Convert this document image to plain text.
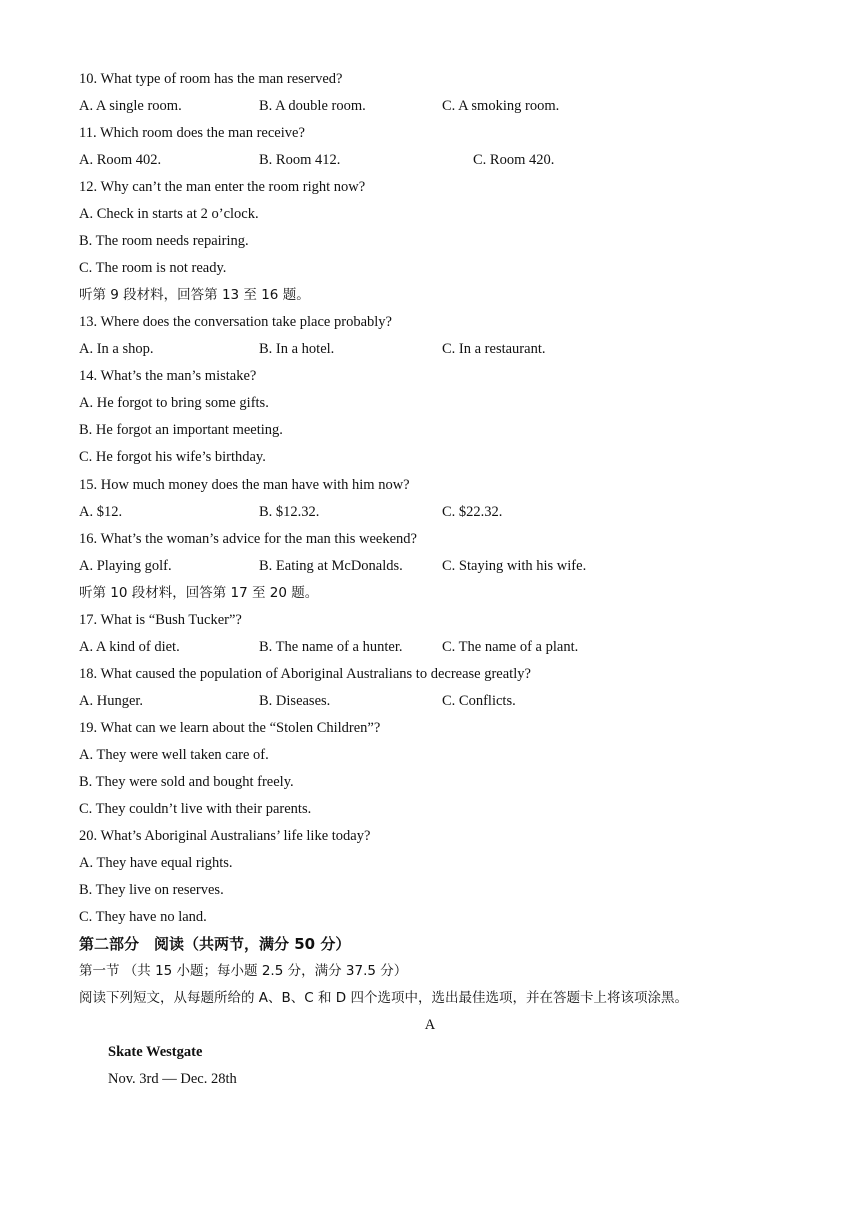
10. What type of room has the man reserved?
A. A single room.	B. A double room.	C. A smoking room.
11. Which room does the man receive?
A. Room 402.	B. Room 412.	C. Room 420.
12. Why can’t the man enter the room right now?
A. Check in starts at 2 o’clock.
B. The room needs repairing.
C. The room is not ready.
听第 9 段材料，回答第 13 至 16 题。
13. Where does the conversation take place probably?
A. In a shop.	B. In a hotel.	C. In a restaurant.
14. What’s the man’s mistake?
A. He forgot to bring some gifts.
B. He forgot an important meeting.
C. He forgot his wife’s birthday.
15. How much money does the man have with him now?
A. $12.	B. $12.32.	C. $22.32.
16. What’s the woman’s advice for the man this weekend?
A. Playing golf.	B. Eating at McDonalds.	C. Staying with his wife.
听第 10 段材料，回答第 17 至 20 题。
17. What is “Bush Tucker”?
A. A kind of diet.	B. The name of a hunter.	C. The name of a plant.
18. What caused the population of Aboriginal Australians to decrease greatly?
A. Hunger.	B. Diseases.	C. Conflicts.
19. What can we learn about the “Stolen Children”?
A. They were well taken care of.
B. They were sold and bought freely.
C. They couldn’t live with their parents.
20. What’s Aboriginal Australians’ life like today?
A. They have equal rights.
B. They live on reserves.
C. They have no land.
第二部分　阅读（共两节，满分 50 分）
第一节 （共 15 小题；每小题 2.5 分，满分 37.5 分）
阅读下列短文，从每题所给的 A、B、C 和 D 四个选项中，选出最佳选项，并在答题卡上将该项涂黑。
A
Skate Westgate
Nov. 3rd — Dec. 28th
